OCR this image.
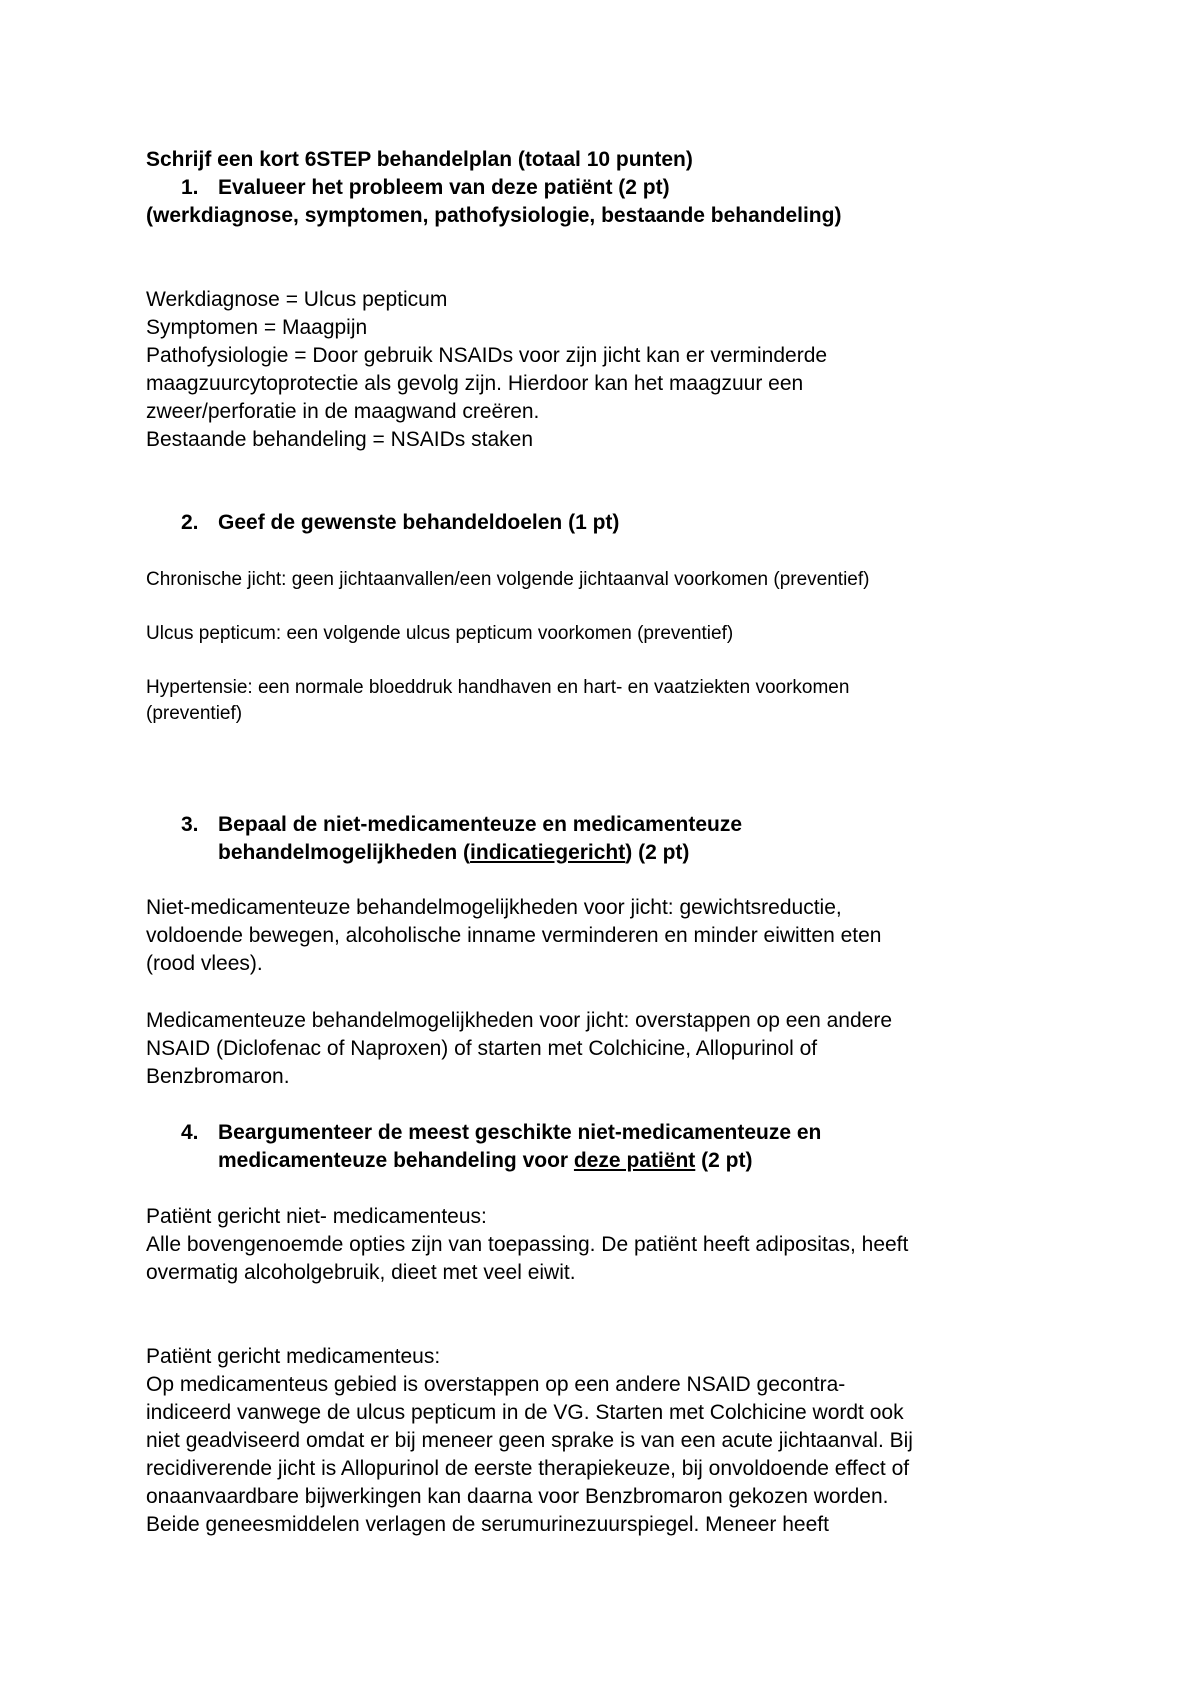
Schrijf een kort 6STEP behandelplan (totaal 10 punten)
1. Evalueer het probleem van deze patiënt (2 pt)
(werkdiagnose, symptomen, pathofysiologie, bestaande behandeling)
Werkdiagnose = Ulcus pepticum
Symptomen = Maagpijn
Pathofysiologie = Door gebruik NSAIDs voor zijn jicht kan er verminderde
maagzuurcytoprotectie als gevolg zijn. Hierdoor kan het maagzuur een
zweer/perforatie in de maagwand creëren.
Bestaande behandeling = NSAIDs staken
2. Geef de gewenste behandeldoelen (1 pt)
Chronische jicht: geen jichtaanvallen/een volgende jichtaanval voorkomen (preventief)
Ulcus pepticum: een volgende ulcus pepticum voorkomen (preventief)
Hypertensie: een normale bloeddruk handhaven en hart- en vaatziekten voorkomen
(preventief)
3. Bepaal de niet-medicamenteuze en medicamenteuze
behandelmogelijkheden (indicatiegericht) (2 pt)
Niet-medicamenteuze behandelmogelijkheden voor jicht: gewichtsreductie,
voldoende bewegen, alcoholische inname verminderen en minder eiwitten eten
(rood vlees).
Medicamenteuze behandelmogelijkheden voor jicht: overstappen op een andere
NSAID (Diclofenac of Naproxen) of starten met Colchicine, Allopurinol of
Benzbromaron.
4. Beargumenteer de meest geschikte niet-medicamenteuze en
medicamenteuze behandeling voor deze patiënt (2 pt)
Patiënt gericht niet- medicamenteus:
Alle bovengenoemde opties zijn van toepassing. De patiënt heeft adipositas, heeft
overmatig alcoholgebruik, dieet met veel eiwit.
Patiënt gericht medicamenteus:
Op medicamenteus gebied is overstappen op een andere NSAID gecontra-
indiceerd vanwege de ulcus pepticum in de VG. Starten met Colchicine wordt ook
niet geadviseerd omdat er bij meneer geen sprake is van een acute jichtaanval. Bij
recidiverende jicht is Allopurinol de eerste therapiekeuze, bij onvoldoende effect of
onaanvaardbare bijwerkingen kan daarna voor Benzbromaron gekozen worden.
Beide geneesmiddelen verlagen de serumurinezuurspiegel. Meneer heeft
